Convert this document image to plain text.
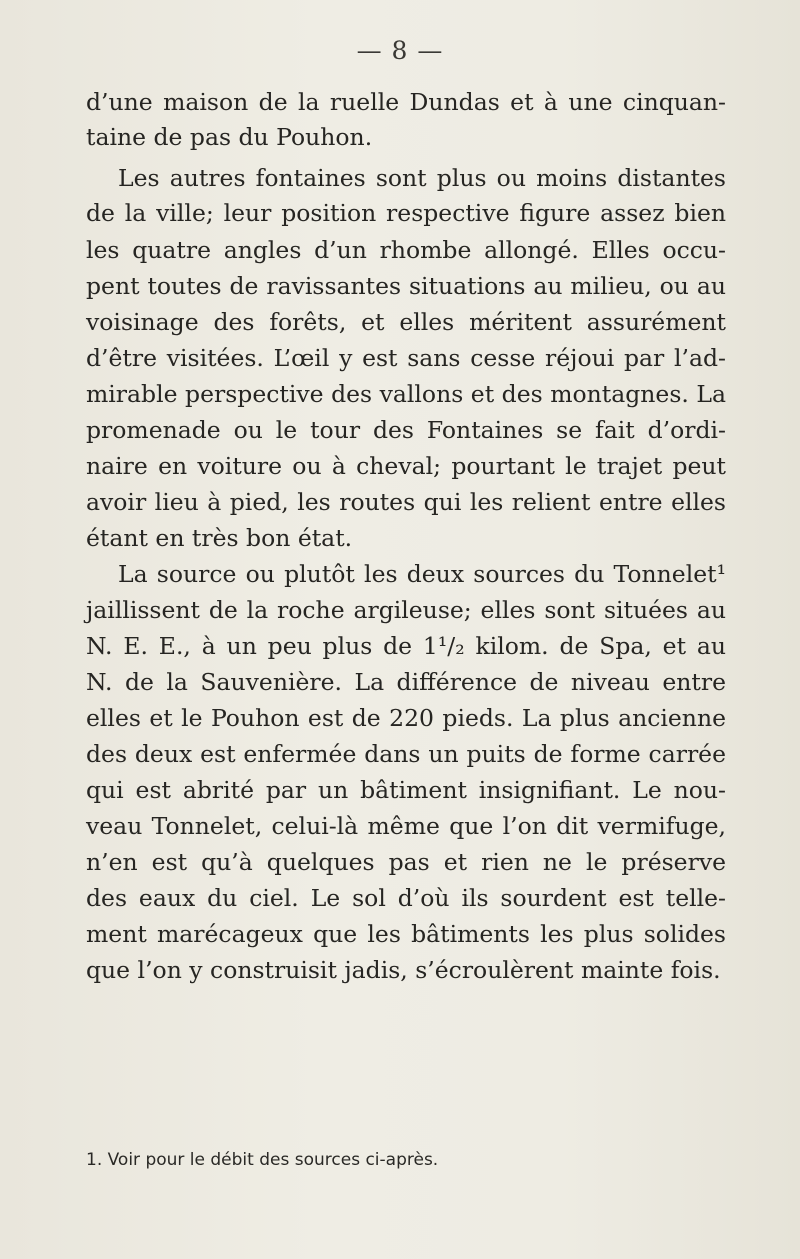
— 8 —
d’une maison de la ruelle Dundas et à une cinquan-
taine de pas du Pouhon.
Les autres fontaines sont plus ou moins distantes
de la ville; leur position respective figure assez bien
les quatre angles d’un rhombe allongé. Elles occu-
pent toutes de ravissantes situations au milieu, ou au
voisinage des forêts, et elles méritent assurément
d’être visitées. L’œil y est sans cesse réjoui par l’ad-
mirable perspective des vallons et des montagnes. La
promenade ou le tour des Fontaines se fait d’ordi-
naire en voiture ou à cheval; pourtant le trajet peut
avoir lieu à pied, les routes qui les relient entre elles
étant en très bon état.
La source ou plutôt les deux sources du Tonnelet¹
jaillissent de la roche argileuse; elles sont situées au
N. E. E., à un peu plus de 1¹/₂ kilom. de Spa, et au
N. de la Sauvenière. La différence de niveau entre
elles et le Pouhon est de 220 pieds. La plus ancienne
des deux est enfermée dans un puits de forme carrée
qui est abrité par un bâtiment insignifiant. Le nou-
veau Tonnelet, celui-là même que l’on dit vermifuge,
n’en est qu’à quelques pas et rien ne le préserve
des eaux du ciel. Le sol d’où ils sourdent est telle-
ment marécageux que les bâtiments les plus solides
que l’on y construisit jadis, s’écroulèrent mainte fois.
1. Voir pour le débit des sources ci-après.
